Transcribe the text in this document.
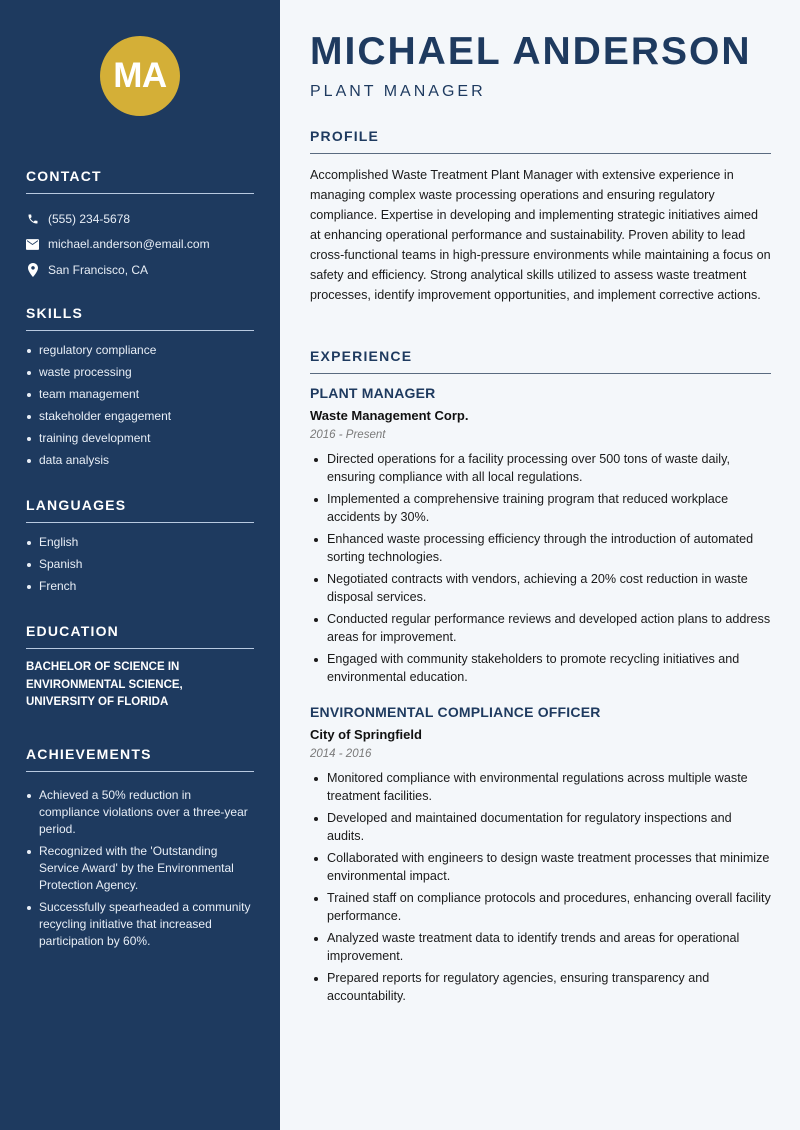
MA
CONTACT
(555) 234-5678
michael.anderson@email.com
San Francisco, CA
SKILLS
regulatory compliance
waste processing
team management
stakeholder engagement
training development
data analysis
LANGUAGES
English
Spanish
French
EDUCATION
BACHELOR OF SCIENCE IN ENVIRONMENTAL SCIENCE, UNIVERSITY OF FLORIDA
ACHIEVEMENTS
Achieved a 50% reduction in compliance violations over a three-year period.
Recognized with the 'Outstanding Service Award' by the Environmental Protection Agency.
Successfully spearheaded a community recycling initiative that increased participation by 60%.
MICHAEL ANDERSON
PLANT MANAGER
PROFILE

Accomplished Waste Treatment Plant Manager with extensive experience in managing complex waste processing operations and ensuring regulatory compliance. Expertise in developing and implementing strategic initiatives aimed at enhancing operational performance and sustainability. Proven ability to lead cross-functional teams in high-pressure environments while maintaining a focus on safety and efficiency. Strong analytical skills utilized to assess waste treatment processes, identify improvement opportunities, and implement corrective actions.

EXPERIENCE
PLANT MANAGER
Waste Management Corp.
2016 - Present
Directed operations for a facility processing over 500 tons of waste daily, ensuring compliance with all local regulations.
Implemented a comprehensive training program that reduced workplace accidents by 30%.
Enhanced waste processing efficiency through the introduction of automated sorting technologies.
Negotiated contracts with vendors, achieving a 20% cost reduction in waste disposal services.
Conducted regular performance reviews and developed action plans to address areas for improvement.
Engaged with community stakeholders to promote recycling initiatives and environmental education.
ENVIRONMENTAL COMPLIANCE OFFICER
City of Springfield
2014 - 2016
Monitored compliance with environmental regulations across multiple waste treatment facilities.
Developed and maintained documentation for regulatory inspections and audits.
Collaborated with engineers to design waste treatment processes that minimize environmental impact.
Trained staff on compliance protocols and procedures, enhancing overall facility performance.
Analyzed waste treatment data to identify trends and areas for operational improvement.
Prepared reports for regulatory agencies, ensuring transparency and accountability.
